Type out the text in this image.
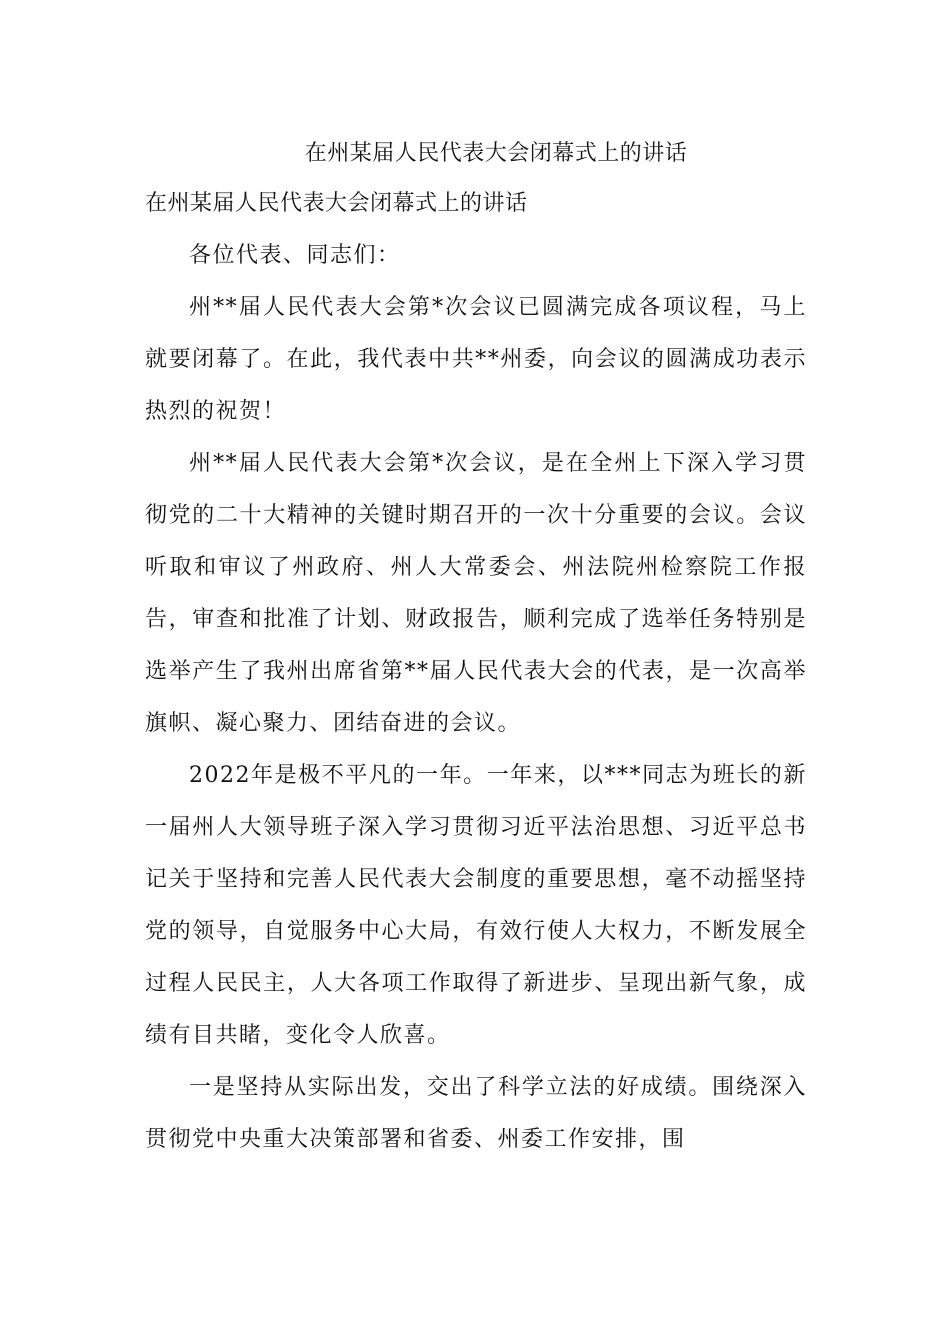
在州某届人民代表大会闭幕式上的讲话
在州某届人民代表大会闭幕式上的讲话

各位代表、同志们：

州**届人民代表大会第*次会议已圆满完成各项议程，马上就要闭幕了。在此，我代表中共**州委，向会议的圆满成功表示热烈的祝贺！

州**届人民代表大会第*次会议，是在全州上下深入学习贯彻党的二十大精神的关键时期召开的一次十分重要的会议。会议听取和审议了州政府、州人大常委会、州法院州检察院工作报告，审查和批准了计划、财政报告，顺利完成了选举任务特别是选举产生了我州出席省第**届人民代表大会的代表，是一次高举旗帜、凝心聚力、团结奋进的会议。

2022年是极不平凡的一年。一年来，以***同志为班长的新一届州人大领导班子深入学习贯彻习近平法治思想、习近平总书记关于坚持和完善人民代表大会制度的重要思想，毫不动摇坚持党的领导，自觉服务中心大局，有效行使人大权力，不断发展全过程人民民主，人大各项工作取得了新进步、呈现出新气象，成绩有目共睹，变化令人欣喜。

一是坚持从实际出发，交出了科学立法的好成绩。围绕深入贯彻党中央重大决策部署和省委、州委工作安排，围
